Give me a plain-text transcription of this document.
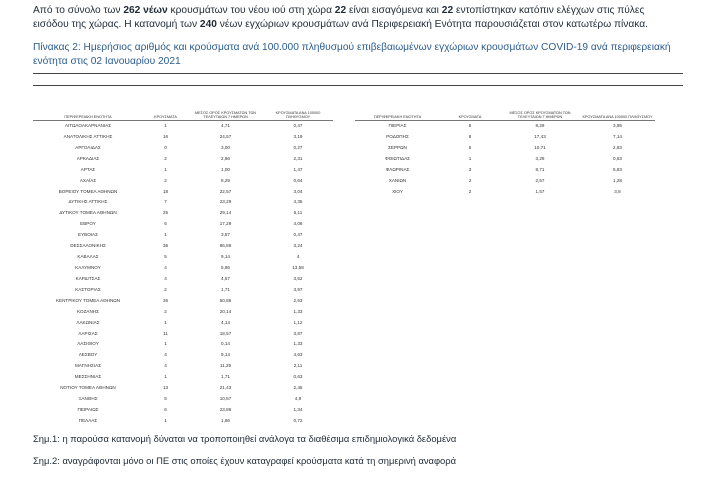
Από το σύνολο των 262 νέων κρουσμάτων του νέου ιού στη χώρα 22 είναι εισαγόμενα και 22 εντοπίστηκαν κατόπιν ελέγχων στις πύλες εισόδου της χώρας. Η κατανομή των 240 νέων εγχώριων κρουσμάτων ανά Περιφερειακή Ενότητα παρουσιάζεται στον κατωτέρω πίνακα.
Πίνακας 2: Ημερήσιος αριθμός και κρούσματα ανά 100.000 πληθυσμού επιβεβαιωμένων εγχώριων κρουσμάτων COVID-19 ανά περιφερειακή ενότητα στις 02 Ιανουαρίου 2021
ΠΕΡΙΦΕΡΕΙΑΚΗ ΕΝΟΤΗΤΑ	ΚΡΟΥΣΜΑΤΑ	ΜΕΣΟΣ ΟΡΟΣ ΚΡΟΥΣΜΑΤΩΝ ΤΩΝ ΤΕΛΕΥΤΑΙΩΝ 7 ΗΜΕΡΩΝ	ΚΡΟΥΣΜΑΤΑ ΑΝΑ 100000 ΠΛΗΘΥΣΜΟΥ
ΑΙΤΩΛΟΑΚΑΡΝΑΝΙΑΣ	1	4,71	0,47
ΑΝΑΤΟΛΙΚΗΣ ΑΤΤΙΚΗΣ	16	24,57	3,19
ΑΡΓΟΛΙΔΑΣ	0	3,00	0,27
ΑΡΚΑΔΙΑΣ	2	2,86	2,31
ΑΡΤΑΣ	1	1,00	1,47
ΑΧΑΪΑΣ	2	8,29	0,64
ΒΟΡΕΙΟΥ ΤΟΜΕΑ ΑΘΗΝΩΝ	18	22,57	3,04
ΔΥΤΙΚΗΣ ΑΤΤΙΚΗΣ	7	23,29	4,35
ΔΥΤΙΚΟΥ ΤΟΜΕΑ ΑΘΗΝΩΝ	25	29,14	5,11
ΕΒΡΟΥ	6	17,29	4,06
ΕΥΒΟΙΑΣ	1	3,57	0,47
ΘΕΣΣΑΛΟΝΙΚΗΣ	36	86,86	3,24
ΚΑΒΑΛΑΣ	5	9,14	4
ΚΑΛΥΜΝΟΥ	4	5,86	13,58
ΚΑΡΔΙΤΣΑΣ	4	4,57	3,52
ΚΑΣΤΟΡΙΑΣ	2	1,71	3,97
ΚΕΝΤΡΙΚΟΥ ΤΟΜΕΑ ΑΘΗΝΩΝ	26	50,86	2,53
ΚΟΖΑΝΗΣ	2	20,14	1,33
ΛΑΚΩΝΙΑΣ	1	4,14	1,12
ΛΑΡΙΣΑΣ	11	18,57	3,87
ΛΑΣΙΘΙΟΥ	1	0,14	1,33
ΛΕΣΒΟΥ	4	9,14	4,63
ΜΑΓΝΗΣΙΑΣ	4	11,29	2,11
ΜΕΣΣΗΝΙΑΣ	1	1,71	0,63
ΝΟΤΙΟΥ ΤΟΜΕΑ ΑΘΗΝΩΝ	13	21,43	2,45
ΞΑΝΘΗΣ	5	10,57	4,9
ΠΕΙΡΑΙΩΣ	6	23,86	1,34
ΠΕΛΛΑΣ	1	1,86	0,72
ΠΕΡΙΦΕΡΕΙΑΚΗ ΕΝΟΤΗΤΑ	ΚΡΟΥΣΜΑΤΑ	ΜΕΣΟΣ ΟΡΟΣ ΚΡΟΥΣΜΑΤΩΝ ΤΩΝ ΤΕΛΕΥΤΑΙΩΝ 7 ΗΜΕΡΩΝ	ΚΡΟΥΣΜΑΤΑ ΑΝΑ 100000 ΠΛΗΘΥΣΜΟΥ
ΠΙΕΡΙΑΣ	5	8,29	3,95
ΡΟΔΟΠΗΣ	8	17,43	7,14
ΣΕΡΡΩΝ	5	10,71	2,83
ΦΘΙΩΤΙΔΑΣ	1	3,29	0,63
ΦΛΩΡΙΝΑΣ	3	8,71	5,83
ΧΑΝΙΩΝ	2	2,57	1,28
ΧΙΟΥ	2	1,57	3,8
Σημ.1: η παρούσα κατανομή δύναται να τροποποιηθεί ανάλογα τα διαθέσιμα επιδημιολογικά δεδομένα
Σημ.2: αναγράφονται μόνο οι ΠΕ στις οποίες έχουν καταγραφεί κρούσματα κατά τη σημερινή αναφορά
